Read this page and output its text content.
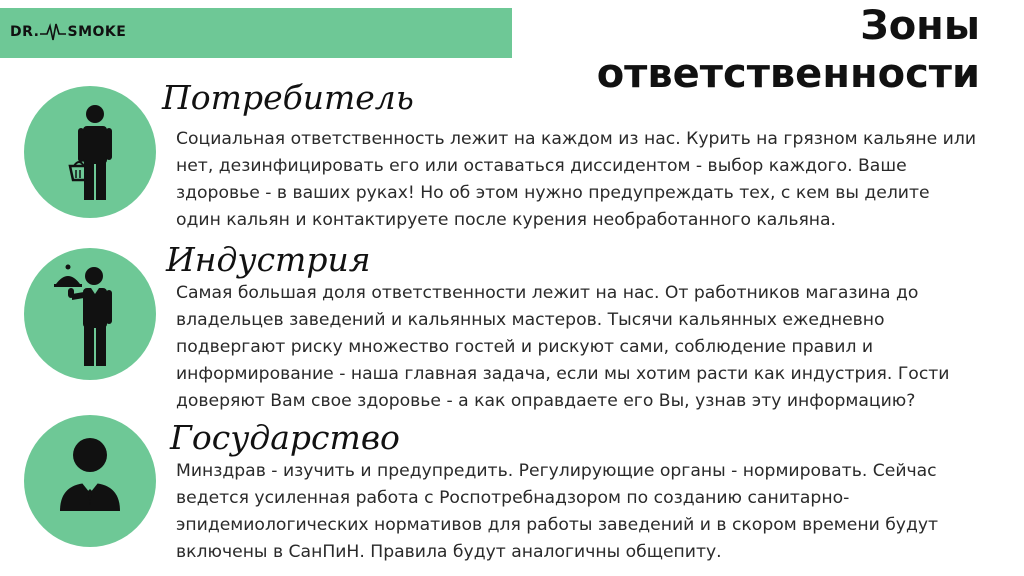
DR. SMOKE	Зоны
ответственности
Потребитель
Социальная ответственность лежит на каждом из нас. Курить на грязном кальяне или нет, дезинфицировать его или оставаться диссидентом - выбор каждого. Ваше здоровье - в ваших руках! Но об этом нужно предупреждать тех, с кем вы делите один кальян и контактируете после курения необработанного кальяна.
Индустрия
Самая большая доля ответственности лежит на нас. От работников магазина до владельцев заведений и кальянных мастеров. Тысячи кальянных ежедневно подвергают риску множество гостей и рискуют сами, соблюдение правил и информирование - наша главная задача, если мы хотим расти как индустрия. Гости доверяют Вам свое здоровье - а как оправдаете его Вы, узнав эту информацию?
Государство
Минздрав - изучить и предупредить. Регулирующие органы - нормировать. Сейчас ведется усиленная работа с Роспотребнадзором по созданию санитарно-эпидемиологических нормативов для работы заведений и в скором времени будут включены в СанПиН. Правила будут аналогичны общепиту.
